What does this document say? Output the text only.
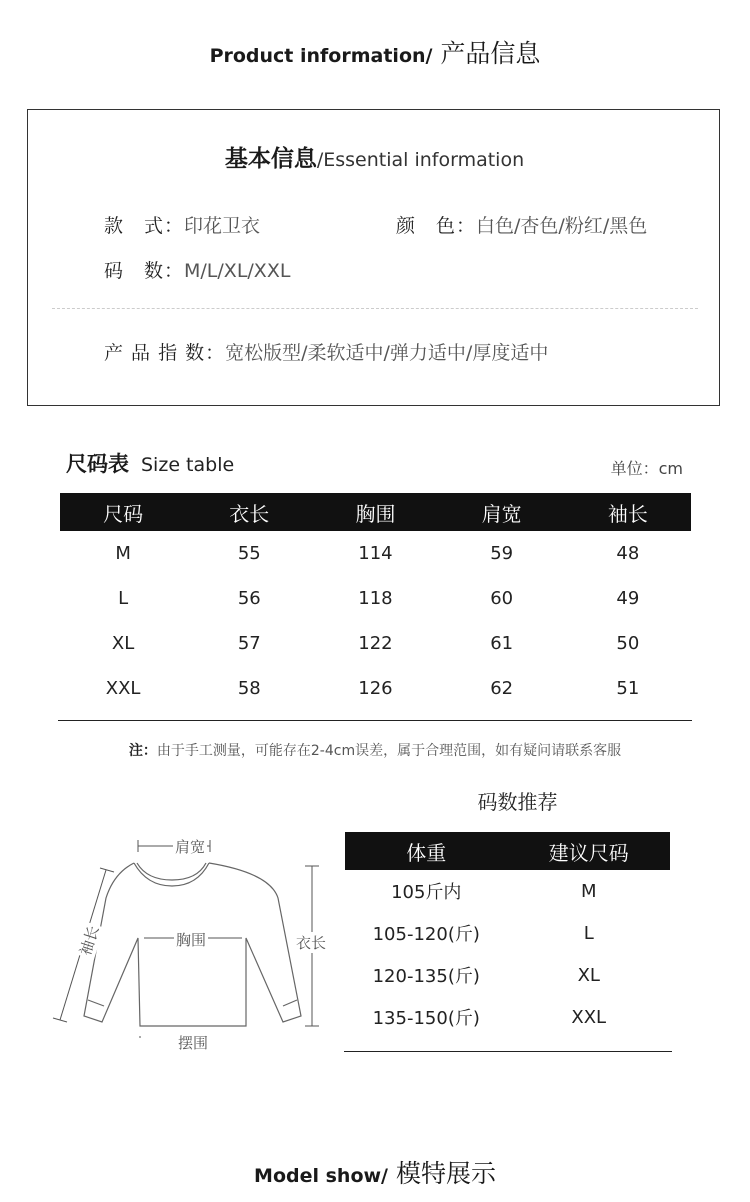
Product information/ 产品信息
基本信息/Essential information
款　式：印花卫衣	颜　色：白色/杏色/粉红/黑色
码　数：M/L/XL/XXL
产 品 指 数：宽松版型/柔软适中/弹力适中/厚度适中
尺码表 Size table	单位：cm
尺码	衣长	胸围	肩宽	袖长
M	55	114	59	48
L	56	118	60	49
XL	57	122	61	50
XXL	58	126	62	51
注：由于手工测量，可能存在2-4cm误差，属于合理范围，如有疑问请联系客服
肩宽
胸围	衣长
摆围
袖长
码数推荐
体重	建议尺码
105斤内	M
105-120(斤)	L
120-135(斤)	XL
135-150(斤)	XXL
Model show/ 模特展示
